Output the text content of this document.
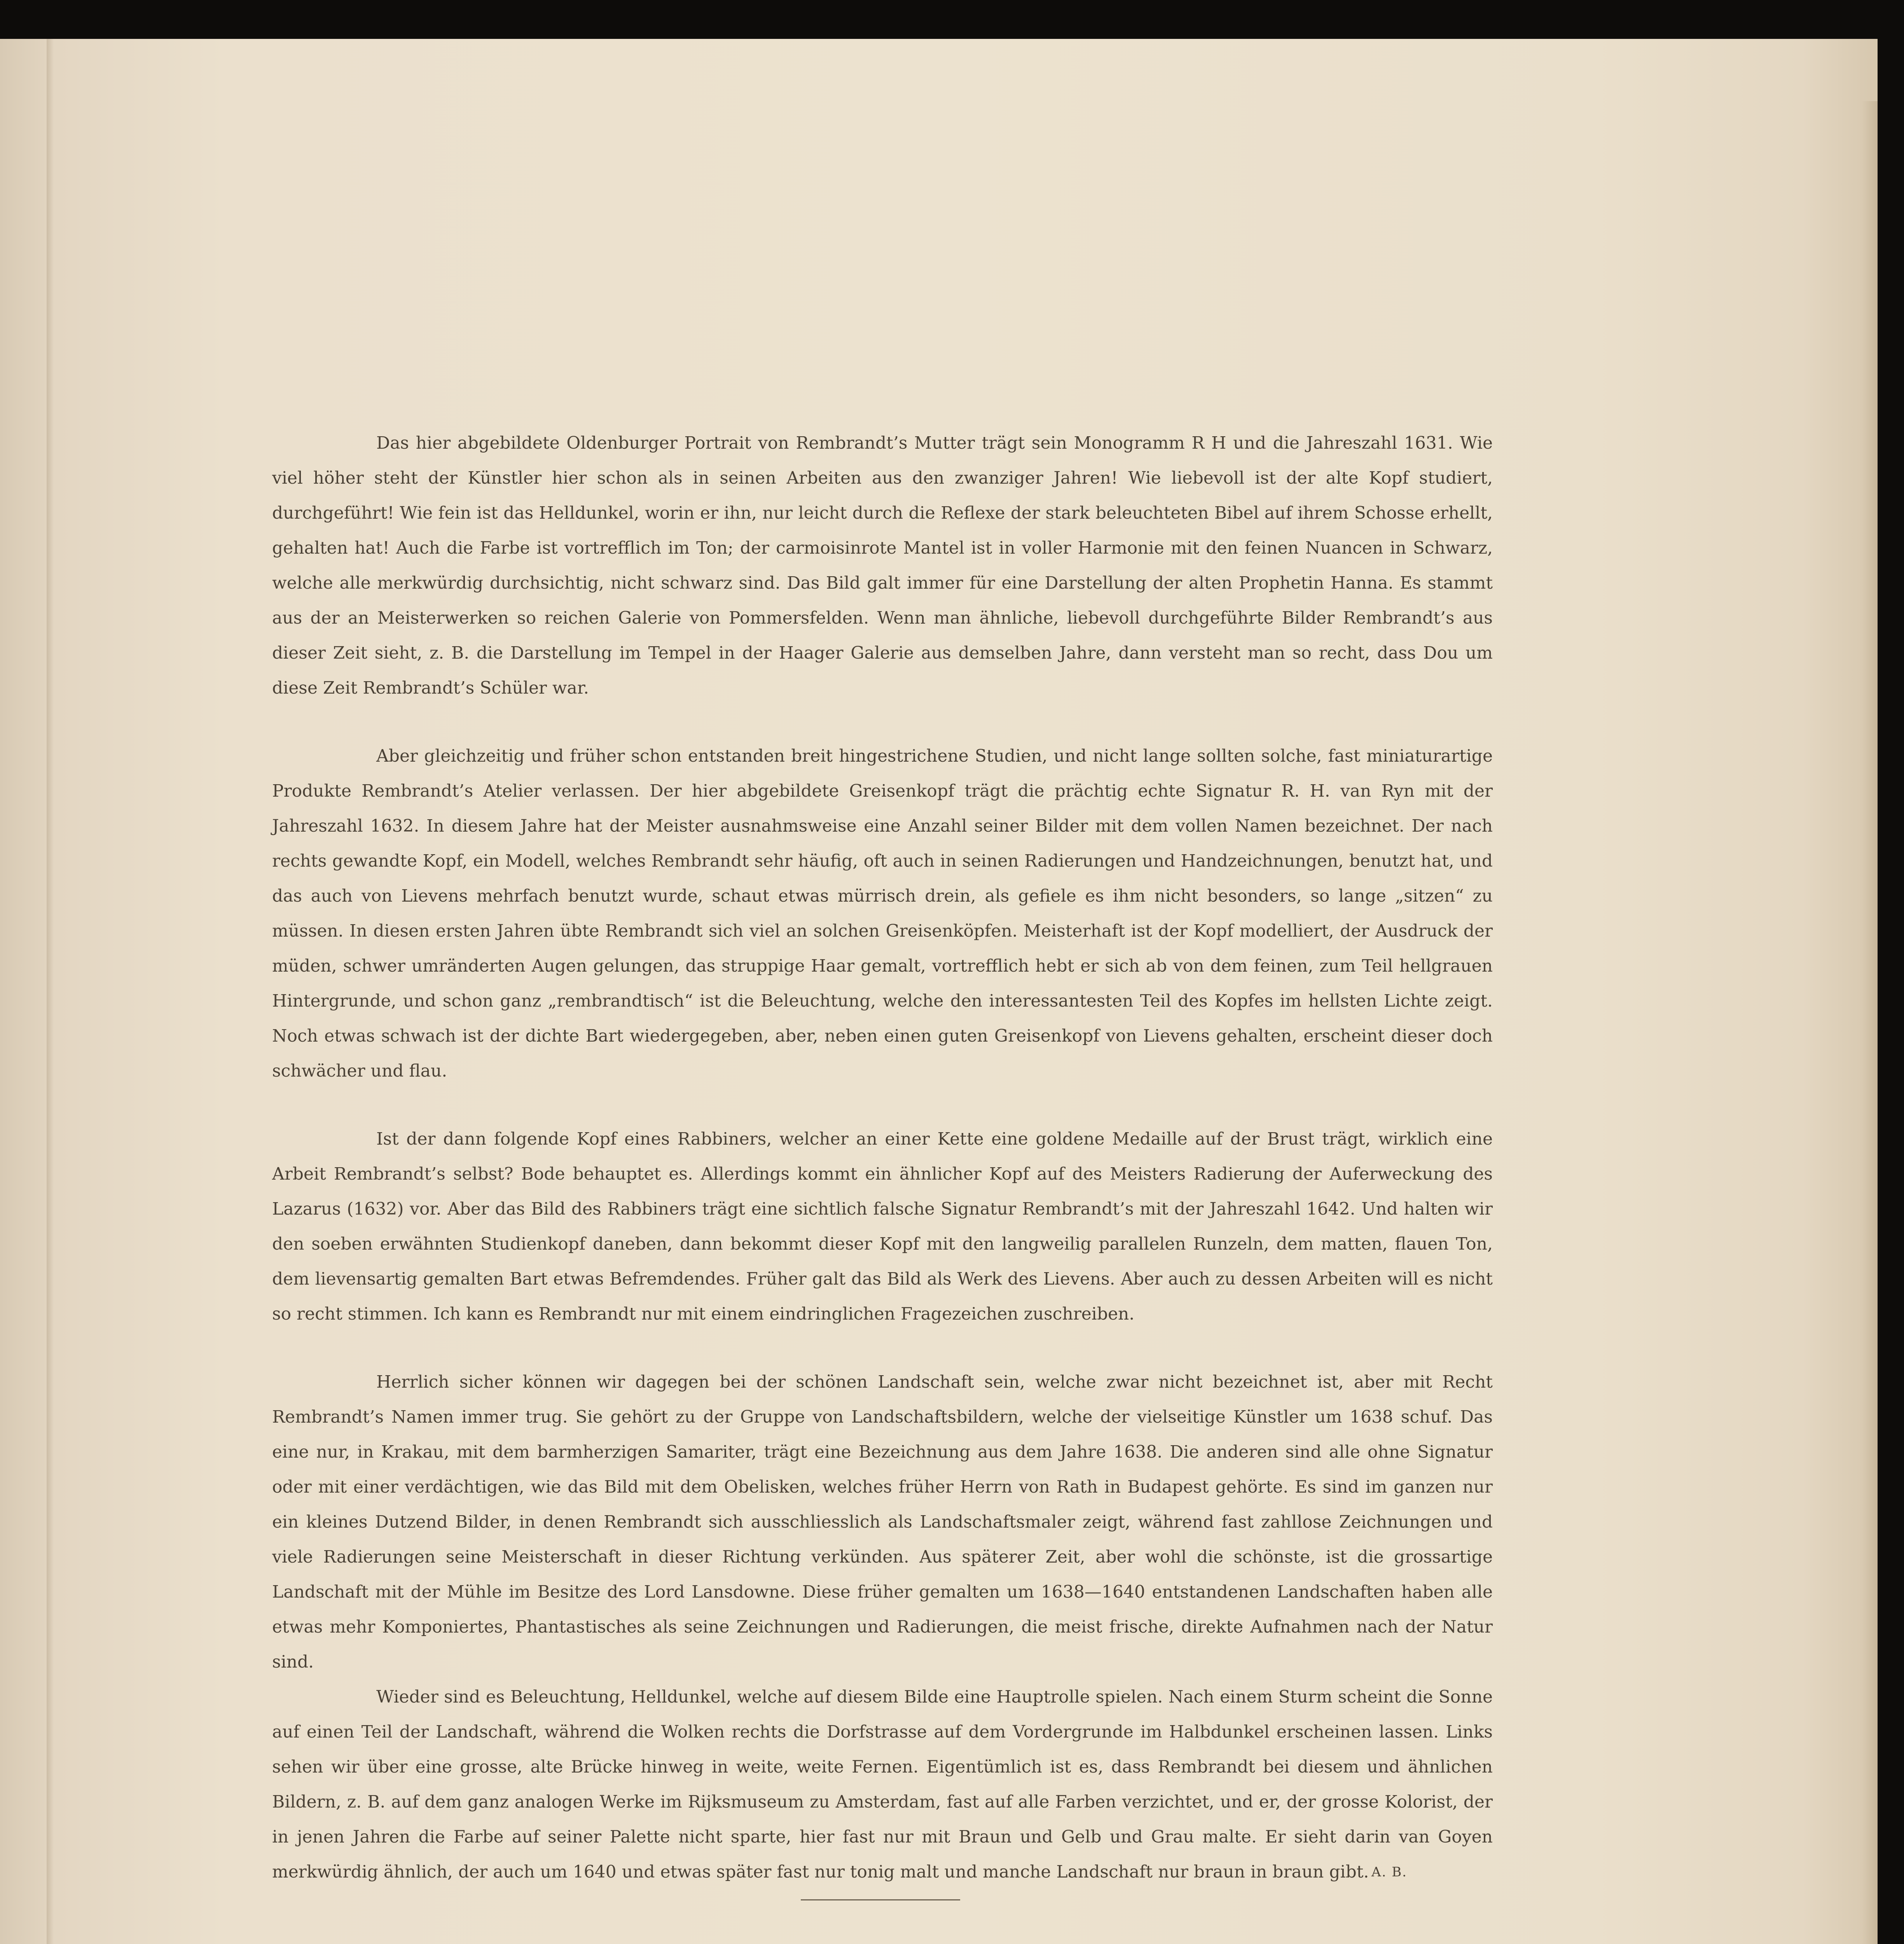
Das hier abgebildete Oldenburger Portrait von Rembrandt’s Mutter trägt sein Monogramm R H und die Jahreszahl 1631. Wie viel höher steht der Künstler hier schon als in seinen Arbeiten aus den zwanziger Jahren! Wie liebevoll ist der alte Kopf studiert, durchgeführt! Wie fein ist das Helldunkel, worin er ihn, nur leicht durch die Reflexe der stark beleuchteten Bibel auf ihrem Schosse erhellt, gehalten hat! Auch die Farbe ist vortrefflich im Ton; der carmoisinrote Mantel ist in voller Harmonie mit den feinen Nuancen in Schwarz, welche alle merkwürdig durchsichtig, nicht schwarz sind. Das Bild galt immer für eine Darstellung der alten Prophetin Hanna. Es stammt aus der an Meisterwerken so reichen Galerie von Pommersfelden. Wenn man ähnliche, liebevoll durchgeführte Bilder Rembrandt’s aus dieser Zeit sieht, z. B. die Darstellung im Tempel in der Haager Galerie aus demselben Jahre, dann versteht man so recht, dass Dou um diese Zeit Rembrandt’s Schüler war.

Aber gleichzeitig und früher schon entstanden breit hingestrichene Studien, und nicht lange sollten solche, fast miniaturartige Produkte Rembrandt’s Atelier verlassen. Der hier abgebildete Greisenkopf trägt die prächtig echte Signatur R. H. van Ryn mit der Jahreszahl 1632. In diesem Jahre hat der Meister ausnahmsweise eine Anzahl seiner Bilder mit dem vollen Namen bezeichnet. Der nach rechts gewandte Kopf, ein Modell, welches Rembrandt sehr häufig, oft auch in seinen Radierungen und Handzeichnungen, benutzt hat, und das auch von Lievens mehrfach benutzt wurde, schaut etwas mürrisch drein, als gefiele es ihm nicht besonders, so lange „sitzen“ zu müssen. In diesen ersten Jahren übte Rembrandt sich viel an solchen Greisenköpfen. Meisterhaft ist der Kopf modelliert, der Ausdruck der müden, schwer umränderten Augen gelungen, das struppige Haar gemalt, vortrefflich hebt er sich ab von dem feinen, zum Teil hellgrauen Hintergrunde, und schon ganz „rembrandtisch“ ist die Beleuchtung, welche den interessantesten Teil des Kopfes im hellsten Lichte zeigt. Noch etwas schwach ist der dichte Bart wiedergegeben, aber, neben einen guten Greisenkopf von Lievens gehalten, erscheint dieser doch schwächer und flau.

Ist der dann folgende Kopf eines Rabbiners, welcher an einer Kette eine goldene Medaille auf der Brust trägt, wirklich eine Arbeit Rembrandt’s selbst? Bode behauptet es. Allerdings kommt ein ähnlicher Kopf auf des Meisters Radierung der Auferweckung des Lazarus (1632) vor. Aber das Bild des Rabbiners trägt eine sichtlich falsche Signatur Rembrandt’s mit der Jahreszahl 1642. Und halten wir den soeben erwähnten Studienkopf daneben, dann bekommt dieser Kopf mit den langweilig parallelen Runzeln, dem matten, flauen Ton, dem lievensartig gemalten Bart etwas Befremdendes. Früher galt das Bild als Werk des Lievens. Aber auch zu dessen Arbeiten will es nicht so recht stimmen. Ich kann es Rembrandt nur mit einem eindringlichen Fragezeichen zuschreiben.

Herrlich sicher können wir dagegen bei der schönen Landschaft sein, welche zwar nicht bezeichnet ist, aber mit Recht Rembrandt’s Namen immer trug. Sie gehört zu der Gruppe von Landschaftsbildern, welche der vielseitige Künstler um 1638 schuf. Das eine nur, in Krakau, mit dem barmherzigen Samariter, trägt eine Bezeichnung aus dem Jahre 1638. Die anderen sind alle ohne Signatur oder mit einer verdächtigen, wie das Bild mit dem Obelisken, welches früher Herrn von Rath in Budapest gehörte. Es sind im ganzen nur ein kleines Dutzend Bilder, in denen Rembrandt sich ausschliesslich als Landschaftsmaler zeigt, während fast zahllose Zeichnungen und viele Radierungen seine Meisterschaft in dieser Richtung verkünden. Aus späterer Zeit, aber wohl die schönste, ist die grossartige Landschaft mit der Mühle im Besitze des Lord Lansdowne. Diese früher gemalten um 1638—1640 entstandenen Landschaften haben alle etwas mehr Komponiertes, Phantastisches als seine Zeichnungen und Radierungen, die meist frische, direkte Aufnahmen nach der Natur sind.

Wieder sind es Beleuchtung, Helldunkel, welche auf diesem Bilde eine Hauptrolle spielen. Nach einem Sturm scheint die Sonne auf einen Teil der Landschaft, während die Wolken rechts die Dorfstrasse auf dem Vordergrunde im Halbdunkel erscheinen lassen. Links sehen wir über eine grosse, alte Brücke hinweg in weite, weite Fernen. Eigentümlich ist es, dass Rembrandt bei diesem und ähnlichen Bildern, z. B. auf dem ganz analogen Werke im Rijksmuseum zu Amsterdam, fast auf alle Farben verzichtet, und er, der grosse Kolorist, der in jenen Jahren die Farbe auf seiner Palette nicht sparte, hier fast nur mit Braun und Gelb und Grau malte. Er sieht darin van Goyen merkwürdig ähnlich, der auch um 1640 und etwas später fast nur tonig malt und manche Landschaft nur braun in braun gibt. A. B.
